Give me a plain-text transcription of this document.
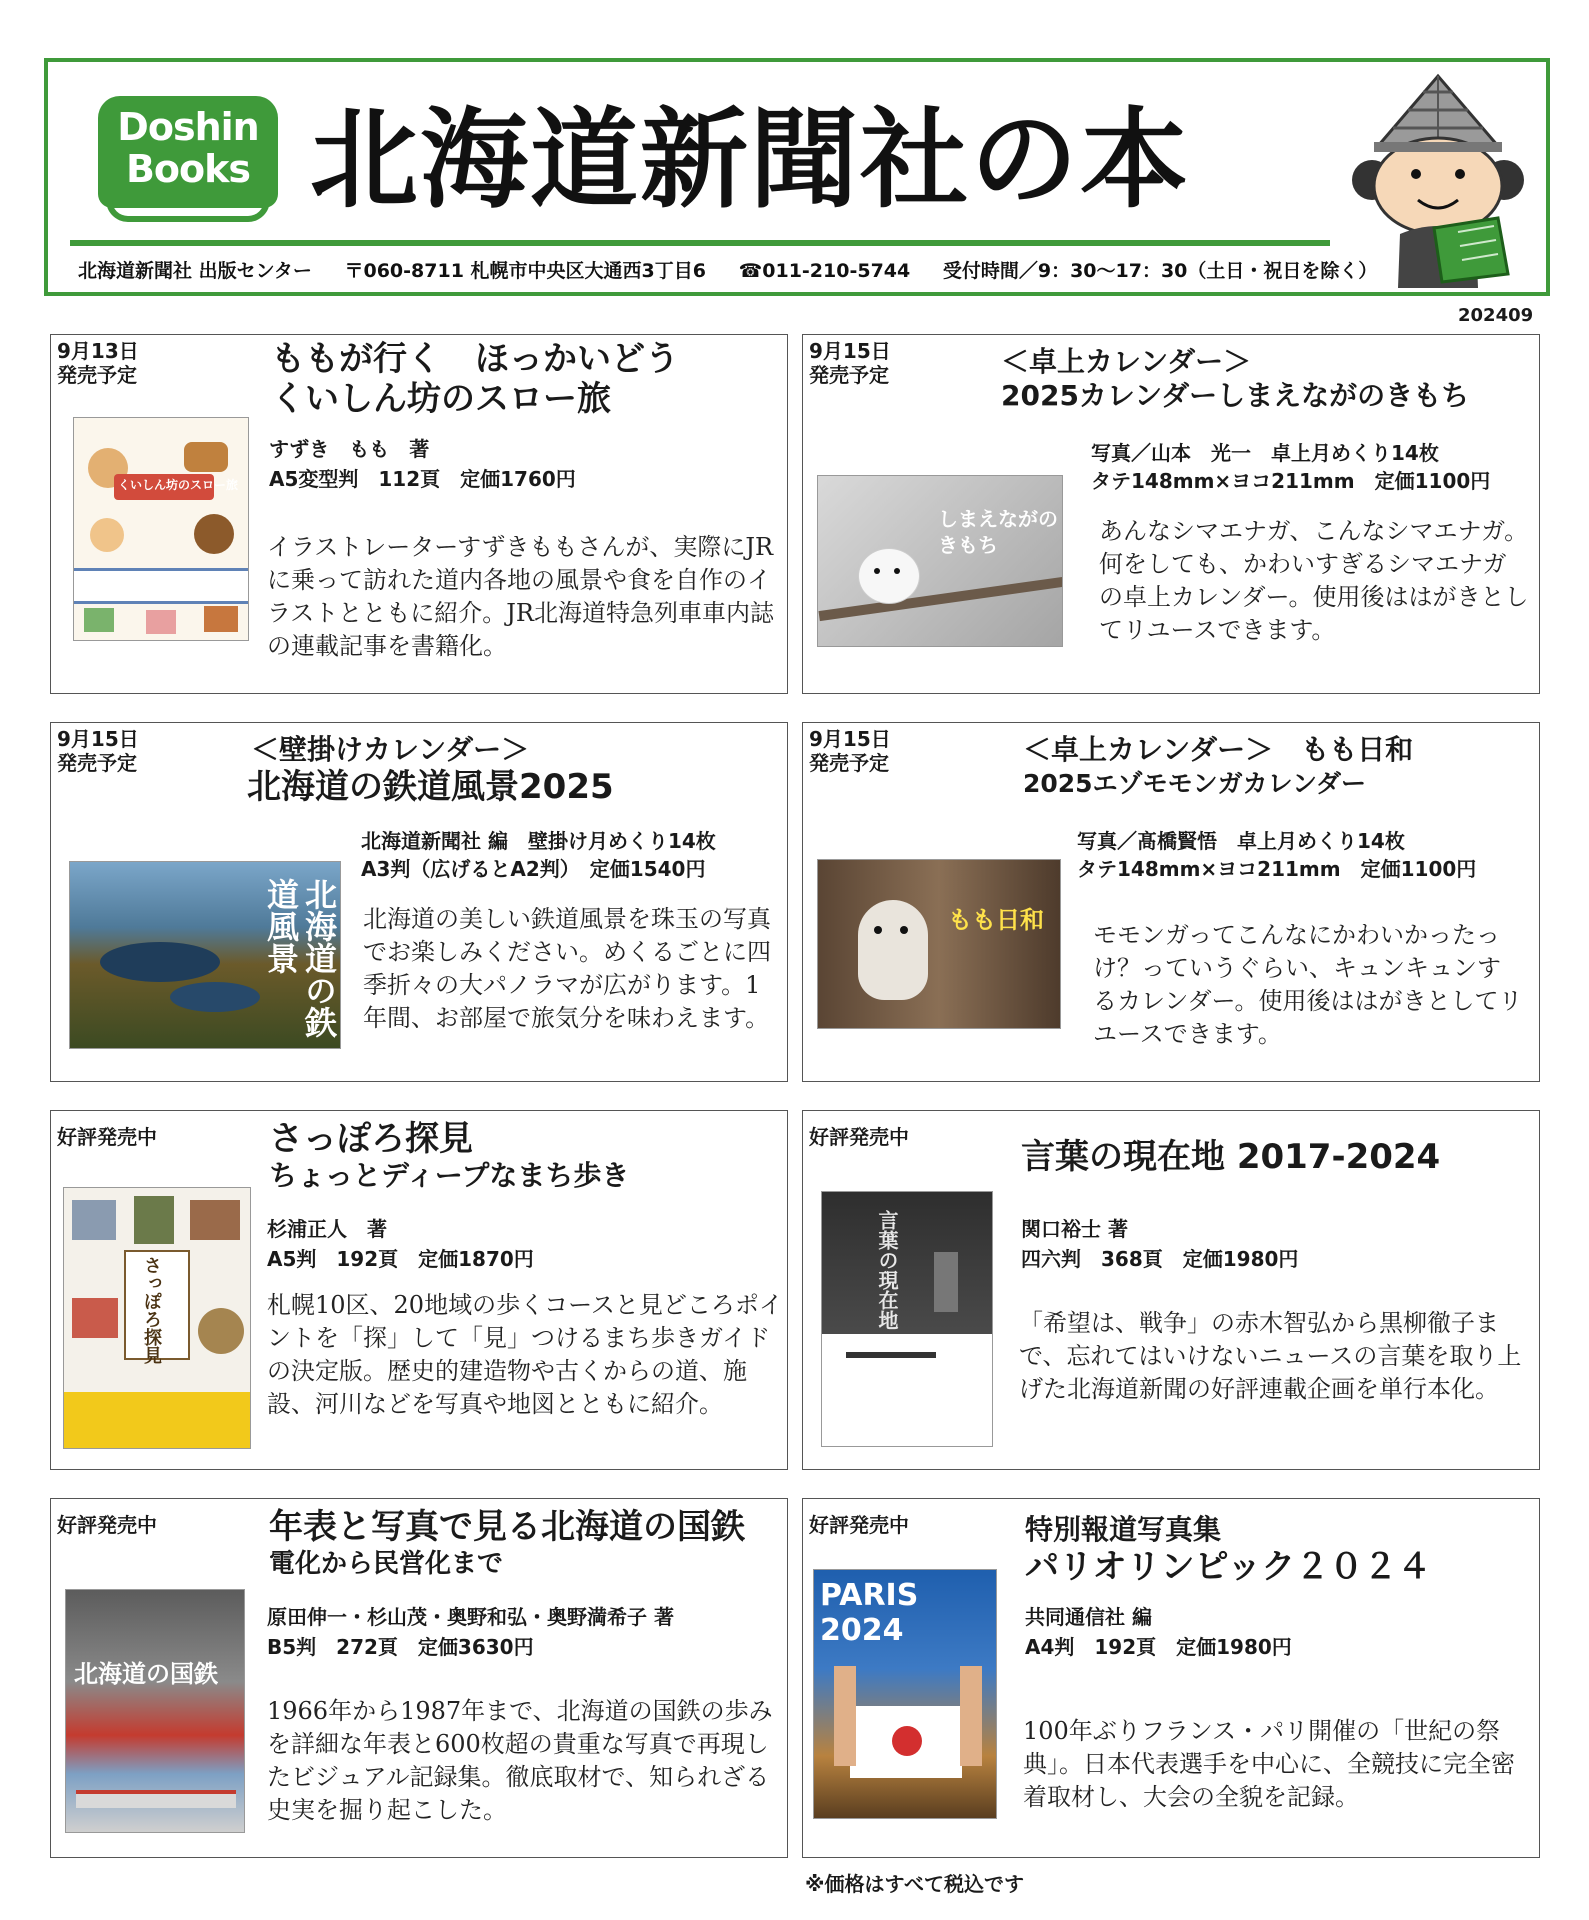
Doshin
Books 北海道新聞社の本
北海道新聞社 出版センター 〒060-8711 札幌市中央区大通西3丁目6 ☎011-210-5744 受付時間／9：30〜17：30（土日・祝日を除く）
202409
9月13日
発売予定	ももが行く　ほっかいどう
くいしん坊のスロー旅
くいしん坊のスロー旅
すずき　もも　著
A5変型判　112頁　定価1760円
イラストレーターすずきももさんが、実際にJRに乗って訪れた道内各地の風景や食を自作のイラストとともに紹介。JR北海道特急列車車内誌の連載記事を書籍化。
9月15日
発売予定	＜卓上カレンダー＞
2025カレンダーしまえながのきもち
写真／山本　光一　卓上月めくり14枚
タテ148mm×ヨコ211mm　定価1100円
しまえながのきもち	あんなシマエナガ、こんなシマエナガ。何をしても、かわいすぎるシマエナガの卓上カレンダー。使用後ははがきとしてリユースできます。
9月15日
発売予定	＜壁掛けカレンダー＞
北海道の鉄道風景2025
北海道新聞社 編　壁掛け月めくり14枚
A3判（広げるとA2判）　定価1540円
北海道の鉄道風景	北海道の美しい鉄道風景を珠玉の写真でお楽しみください。めくるごとに四季折々の大パノラマが広がります。1年間、お部屋で旅気分を味わえます。
9月15日
発売予定	＜卓上カレンダー＞　もも日和
2025エゾモモンガカレンダー
写真／髙橋賢悟　卓上月めくり14枚
タテ148mm×ヨコ211mm　定価1100円
もも日和
モモンガってこんなにかわいかったっけ？っていうぐらい、キュンキュンするカレンダー。使用後ははがきとしてリユースできます。
好評発売中	さっぽろ探見
ちょっとディープなまち歩き
さっぽろ探見
杉浦正人　著
A5判　192頁　定価1870円
札幌10区、20地域の歩くコースと見どころポイントを「探」して「見」つけるまち歩きガイドの決定版。歴史的建造物や古くからの道、施設、河川などを写真や地図とともに紹介。
好評発売中	言葉の現在地 2017-2024
言葉の現在地	関口裕士 著
四六判　368頁　定価1980円
「希望は、戦争」の赤木智弘から黒柳徹子まで、忘れてはいけないニュースの言葉を取り上げた北海道新聞の好評連載企画を単行本化。
好評発売中	年表と写真で見る北海道の国鉄
電化から民営化まで
北海道の国鉄
原田伸一・杉山茂・奥野和弘・奥野満希子 著
B5判　272頁　定価3630円
1966年から1987年まで、北海道の国鉄の歩みを詳細な年表と600枚超の貴重な写真で再現したビジュアル記録集。徹底取材で、知られざる史実を掘り起こした。
好評発売中	特別報道写真集
パリオリンピック２０２４
PARIS 2024	共同通信社 編
A4判　192頁　定価1980円
100年ぶりフランス・パリ開催の「世紀の祭典」。日本代表選手を中心に、全競技に完全密着取材し、大会の全貌を記録。
※価格はすべて税込です
